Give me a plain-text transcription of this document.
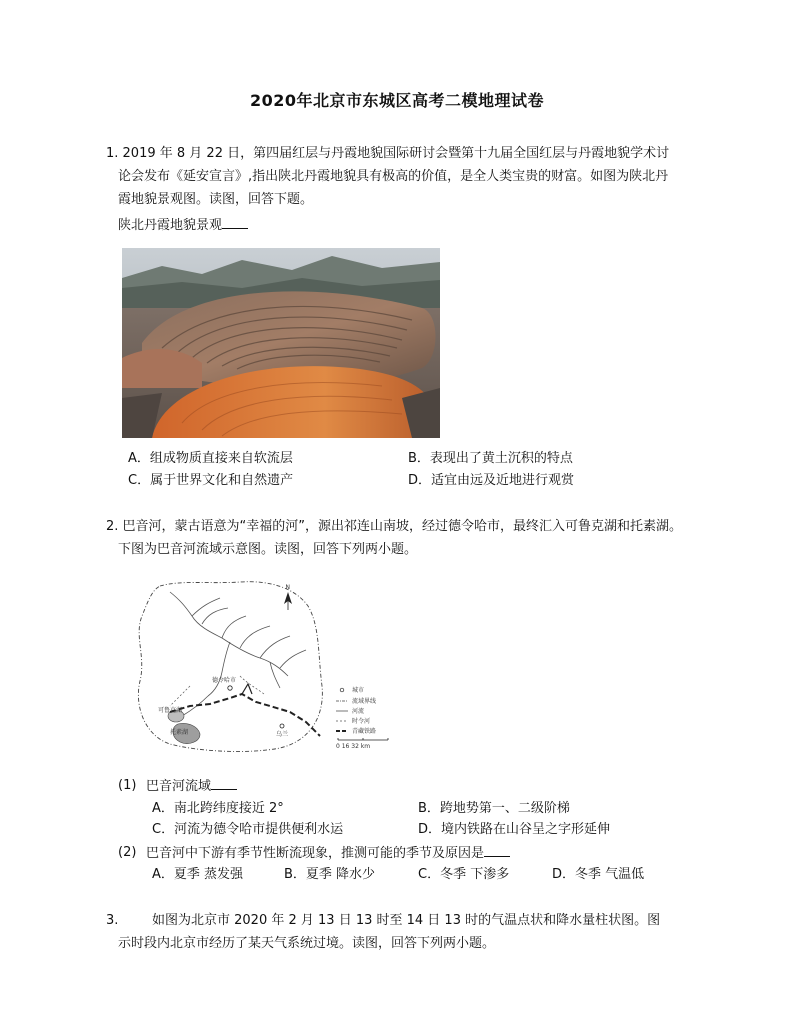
2020年北京市东城区高考二模地理试卷
1. 2019 年 8 月 22 日，第四届红层与丹霞地貌国际研讨会暨第十九届全国红层与丹霞地貌学术讨
论会发布《延安宣言》,指出陕北丹霞地貌具有极高的价值，是全人类宝贵的财富。如图为陕北丹
霞地貌景观图。读图，回答下题。
陕北丹霞地貌景观
A．组成物质直接来自软流层	B．表现出了黄土沉积的特点
C．属于世界文化和自然遗产	D．适宜由远及近地进行观赏
2. 巴音河，蒙古语意为“幸福的河”，源出祁连山南坡，经过德令哈市，最终汇入可鲁克湖和托素湖。
下图为巴音河流域示意图。读图，回答下列两小题。
德令哈市
可鲁克湖
托素湖	乌兰
N
城市
流域界线
河流
时令河
青藏铁路
0 16 32 km
(1) 巴音河流域
A．南北跨纬度接近 2°	B．跨地势第一、二级阶梯
C．河流为德令哈市提供便利水运	D．境内铁路在山谷呈之字形延伸
(2) 巴音河中下游有季节性断流现象，推测可能的季节及原因是
A．夏季 蒸发强	B．夏季 降水少	C．冬季 下渗多	D．冬季 气温低
3.	如图为北京市 2020 年 2 月 13 日 13 时至 14 日 13 时的气温点状和降水量柱状图。图
示时段内北京市经历了某天气系统过境。读图，回答下列两小题。
